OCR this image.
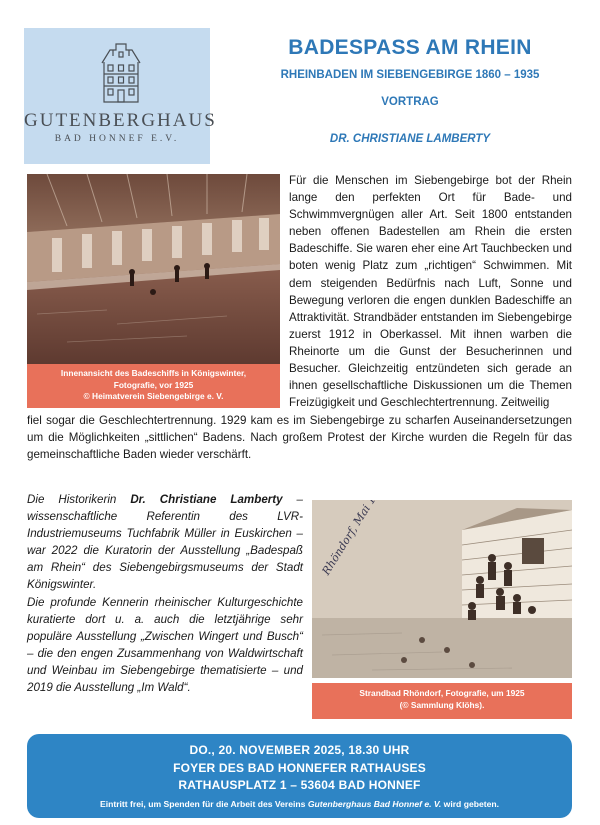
GUTENBERGHAUS
BAD HONNEF E.V.
BADESPASS AM RHEIN
RHEINBADEN IM SIEBENGEBIRGE 1860 – 1935
VORTRAG
DR. CHRISTIANE LAMBERTY
Innenansicht des Badeschiffs in Königswinter,
Fotografie, vor 1925
© Heimatverein Siebengebirge e. V.
Für die Menschen im Siebengebirge bot der Rhein lange den perfekten Ort für Bade- und Schwimmvergnügen aller Art. Seit 1800 entstanden neben offenen Badestellen am Rhein die ersten Badeschiffe. Sie waren eher eine Art Tauchbecken und boten wenig Platz zum „richtigen“ Schwimmen. Mit dem steigenden Bedürfnis nach Luft, Sonne und Bewegung verloren die engen dunklen Badeschiffe an Attraktivität. Strandbäder entstanden im Siebengebirge zuerst 1912 in Oberkassel. Mit ihnen warben die Rheinorte um die Gunst der Besucherinnen und Besucher. Gleichzeitig entzündeten sich gerade an ihnen gesellschaftliche Diskussionen um die Themen Freizügigkeit und Geschlechtertrennung. Zeitweilig
fiel sogar die Geschlechtertrennung. 1929 kam es im Siebengebirge zu scharfen Auseinandersetzungen um die Möglichkeiten „sittlichen“ Badens. Nach großem Protest der Kirche wurden die Regeln für das gemeinschaftliche Baden wieder verschärft.
Die Historikerin Dr. Christiane Lamberty – wissenschaftliche Referentin des LVR-Industriemuseums Tuchfabrik Müller in Euskirchen – war 2022 die Kuratorin der Ausstellung „Badespaß am Rhein“ des Siebengebirgsmuseums der Stadt Königswinter.
Die profunde Kennerin rheinischer Kulturgeschichte kuratierte dort u. a. auch die letztjährige sehr populäre Ausstellung „Zwischen Wingert und Busch“ – die den engen Zusammenhang von Waldwirtschaft und Weinbau im Siebengebirge thematisierte – und 2019 die Ausstellung „Im Wald“.	Strandbad Rhöndorf, Fotografie, um 1925
(© Sammlung Klöhs).
DO., 20. NOVEMBER 2025, 18.30 UHR
FOYER DES BAD HONNEFER RATHAUSES
RATHAUSPLATZ 1 – 53604 BAD HONNEF
Eintritt frei, um Spenden für die Arbeit des Vereins Gutenberghaus Bad Honnef e. V. wird gebeten.
